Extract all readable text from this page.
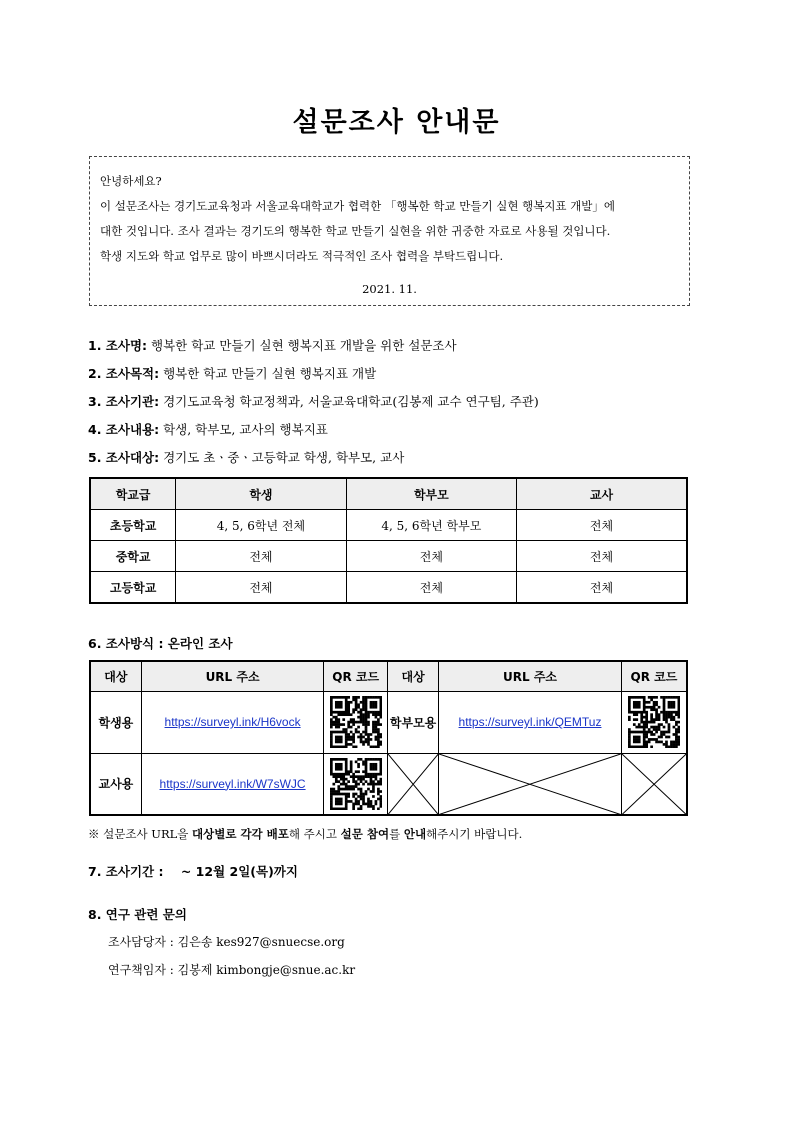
설문조사 안내문

안녕하세요?

이 설문조사는 경기도교육청과 서울교육대학교가 협력한 「행복한 학교 만들기 실현 행복지표 개발」에

대한 것입니다. 조사 결과는 경기도의 행복한 학교 만들기 실현을 위한 귀중한 자료로 사용될 것입니다.

학생 지도와 학교 업무로 많이 바쁘시더라도 적극적인 조사 협력을 부탁드립니다.

2021. 11.

1. 조사명: 행복한 학교 만들기 실현 행복지표 개발을 위한 설문조사
2. 조사목적: 행복한 학교 만들기 실현 행복지표 개발
3. 조사기관: 경기도교육청 학교정책과, 서울교육대학교(김봉제 교수 연구팀, 주관)
4. 조사내용: 학생, 학부모, 교사의 행복지표
5. 조사대상: 경기도 초ㆍ중ㆍ고등학교 학생, 학부모, 교사
학교급	학생	학부모	교사
초등학교	4, 5, 6학년 전체	4, 5, 6학년 학부모	전체
중학교	전체	전체	전체
고등학교	전체	전체	전체
6. 조사방식 : 온라인 조사
대상	URL 주소	QR 코드	대상	URL 주소	QR 코드
학생용	https://surveyl.ink/H6vock		학부모용	https://surveyl.ink/QEMTuz	
교사용	https://surveyl.ink/W7sWJC		

※ 설문조사 URL을 대상별로 각각 배포해 주시고 설문 참여를 안내해주시기 바랍니다.
7. 조사기간 :    ~ 12월 2일(목)까지
8. 연구 관련 문의
조사담당자 : 김은송 kes927@snuecse.org
연구책임자 : 김봉제 kimbongje@snue.ac.kr
